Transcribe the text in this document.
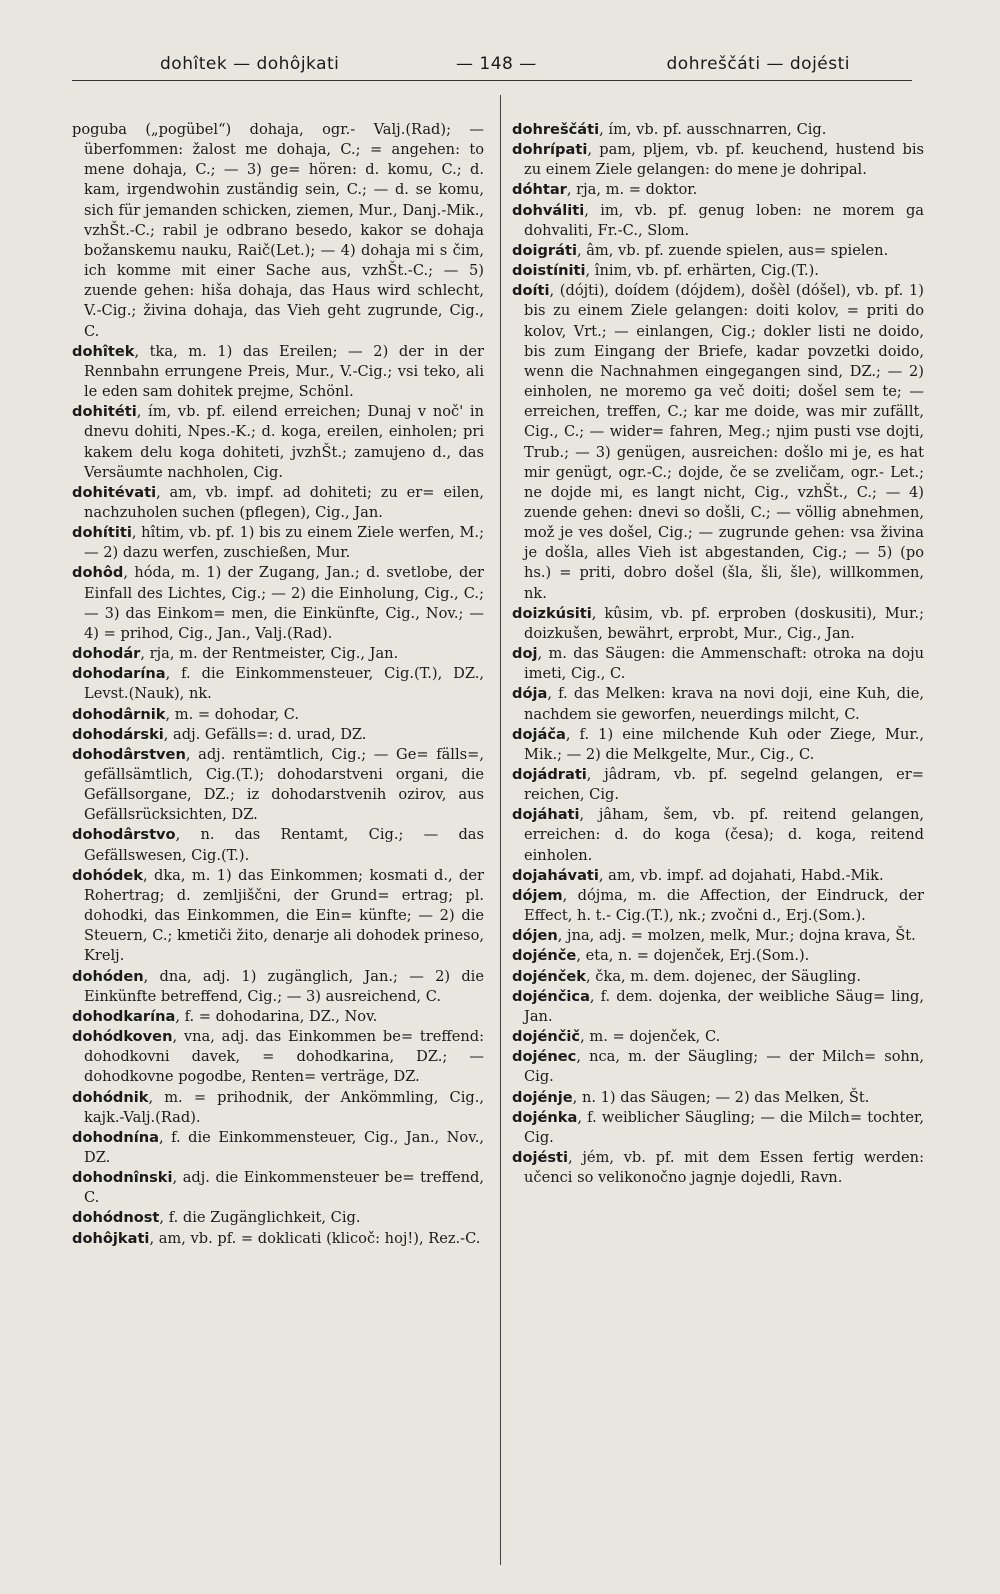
dohîtek — dohôjkati	— 148 —	dohreščáti — dojésti

poguba („pogübel“) dohaja, ogr.- Valj.(Rad); — überfommen: žalost me dohaja, C.; = angehen: to mene dohaja, C.; — 3) ge= hören: d. komu, C.; d. kam, irgendwohin zuständig sein, C.; — d. se komu, sich für jemanden schicken, ziemen, Mur., Danj.-Mik., vzhŠt.-C.; rabil je odbrano besedo, kakor se dohaja božanskemu nauku, Raič(Let.); — 4) dohaja mi s čim, ich komme mit einer Sache aus, vzhŠt.-C.; — 5) zuende gehen: hiša dohaja, das Haus wird schlecht, V.-Cig.; živina dohaja, das Vieh geht zugrunde, Cig., C.

dohîtek, tka, m. 1) das Ereilen; — 2) der in der Rennbahn errungene Preis, Mur., V.-Cig.; vsi teko, ali le eden sam dohitek prejme, Schönl.

dohitéti, ím, vb. pf. eilend erreichen; Dunaj v noč' in dnevu dohiti, Npes.-K.; d. koga, ereilen, einholen; pri kakem delu koga dohiteti, jvzhŠt.; zamujeno d., das Versäumte nachholen, Cig.

dohitévati, am, vb. impf. ad dohiteti; zu er= eilen, nachzuholen suchen (pflegen), Cig., Jan.

dohítiti, hîtim, vb. pf. 1) bis zu einem Ziele werfen, M.; — 2) dazu werfen, zuschießen, Mur.

dohôd, hóda, m. 1) der Zugang, Jan.; d. svetlobe, der Einfall des Lichtes, Cig.; — 2) die Einholung, Cig., C.; — 3) das Einkom= men, die Einkünfte, Cig., Nov.; — 4) = prihod, Cig., Jan., Valj.(Rad).

dohodár, rja, m. der Rentmeister, Cig., Jan.

dohodarína, f. die Einkommensteuer, Cig.(T.), DZ., Levst.(Nauk), nk.

dohodârnik, m. = dohodar, C.

dohodárski, adj. Gefälls=: d. urad, DZ.

dohodârstven, adj. rentämtlich, Cig.; — Ge= fälls=, gefällsämtlich, Cig.(T.); dohodarstveni organi, die Gefällsorgane, DZ.; iz dohodarstvenih ozirov, aus Gefällsrücksichten, DZ.

dohodârstvo, n. das Rentamt, Cig.; — das Gefällswesen, Cig.(T.).

dohódek, dka, m. 1) das Einkommen; kosmati d., der Rohertrag; d. zemljiščni, der Grund= ertrag; pl. dohodki, das Einkommen, die Ein= künfte; — 2) die Steuern, C.; kmetiči žito, denarje ali dohodek prineso, Krelj.

dohóden, dna, adj. 1) zugänglich, Jan.; — 2) die Einkünfte betreffend, Cig.; — 3) ausreichend, C.

dohodkarína, f. = dohodarina, DZ., Nov.

dohódkoven, vna, adj. das Einkommen be= treffend: dohodkovni davek, = dohodkarina, DZ.; — dohodkovne pogodbe, Renten= verträge, DZ.

dohódnik, m. = prihodnik, der Ankömmling, Cig., kajk.-Valj.(Rad).

dohodnína, f. die Einkommensteuer, Cig., Jan., Nov., DZ.

dohodnînski, adj. die Einkommensteuer be= treffend, C.

dohódnost, f. die Zugänglichkeit, Cig.

dohôjkati, am, vb. pf. = doklicati (klicoč: hoj!), Rez.-C.

dohreščáti, ím, vb. pf. ausschnarren, Cig.

dohrípati, pam, pljem, vb. pf. keuchend, hustend bis zu einem Ziele gelangen: do mene je dohripal.

dóhtar, rja, m. = doktor.

dohváliti, im, vb. pf. genug loben: ne morem ga dohvaliti, Fr.-C., Slom.

doigráti, âm, vb. pf. zuende spielen, aus= spielen.

doistíniti, înim, vb. pf. erhärten, Cig.(T.).

doíti, (dójti), doídem (dójdem), došèl (dóšel), vb. pf. 1) bis zu einem Ziele gelangen: doiti kolov, = priti do kolov, Vrt.; — einlangen, Cig.; dokler listi ne doido, bis zum Eingang der Briefe, kadar povzetki doido, wenn die Nachnahmen eingegangen sind, DZ.; — 2) einholen, ne moremo ga več doiti; došel sem te; — erreichen, treffen, C.; kar me doide, was mir zufällt, Cig., C.; — wider= fahren, Meg.; njim pusti vse dojti, Trub.; — 3) genügen, ausreichen: došlo mi je, es hat mir genügt, ogr.-C.; dojde, če se zveličam, ogr.- Let.; ne dojde mi, es langt nicht, Cig., vzhŠt., C.; — 4) zuende gehen: dnevi so došli, C.; — völlig abnehmen, mož je ves došel, Cig.; — zugrunde gehen: vsa živina je došla, alles Vieh ist abgestanden, Cig.; — 5) (po hs.) = priti, dobro došel (šla, šli, šle), willkommen, nk.

doizkúsiti, kûsim, vb. pf. erproben (doskusiti), Mur.; doizkušen, bewährt, erprobt, Mur., Cig., Jan.

doj, m. das Säugen: die Ammenschaft: otroka na doju imeti, Cig., C.

dója, f. das Melken: krava na novi doji, eine Kuh, die, nachdem sie geworfen, neuerdings milcht, C.

dojáča, f. 1) eine milchende Kuh oder Ziege, Mur., Mik.; — 2) die Melkgelte, Mur., Cig., C.

dojádrati, jâdram, vb. pf. segelnd gelangen, er= reichen, Cig.

dojáhati, jâham, šem, vb. pf. reitend gelangen, erreichen: d. do koga (česa); d. koga, reitend einholen.

dojahávati, am, vb. impf. ad dojahati, Habd.-Mik.

dójem, dójma, m. die Affection, der Eindruck, der Effect, h. t.- Cig.(T.), nk.; zvočni d., Erj.(Som.).

dójen, jna, adj. = molzen, melk, Mur.; dojna krava, Št.

dojénče, eta, n. = dojenček, Erj.(Som.).

dojénček, čka, m. dem. dojenec, der Säugling.

dojénčica, f. dem. dojenka, der weibliche Säug= ling, Jan.

dojénčič, m. = dojenček, C.

dojénec, nca, m. der Säugling; — der Milch= sohn, Cig.

dojénje, n. 1) das Säugen; — 2) das Melken, Št.

dojénka, f. weiblicher Säugling; — die Milch= tochter, Cig.

dojésti, jém, vb. pf. mit dem Essen fertig werden: učenci so velikonočno jagnje dojedli, Ravn.
